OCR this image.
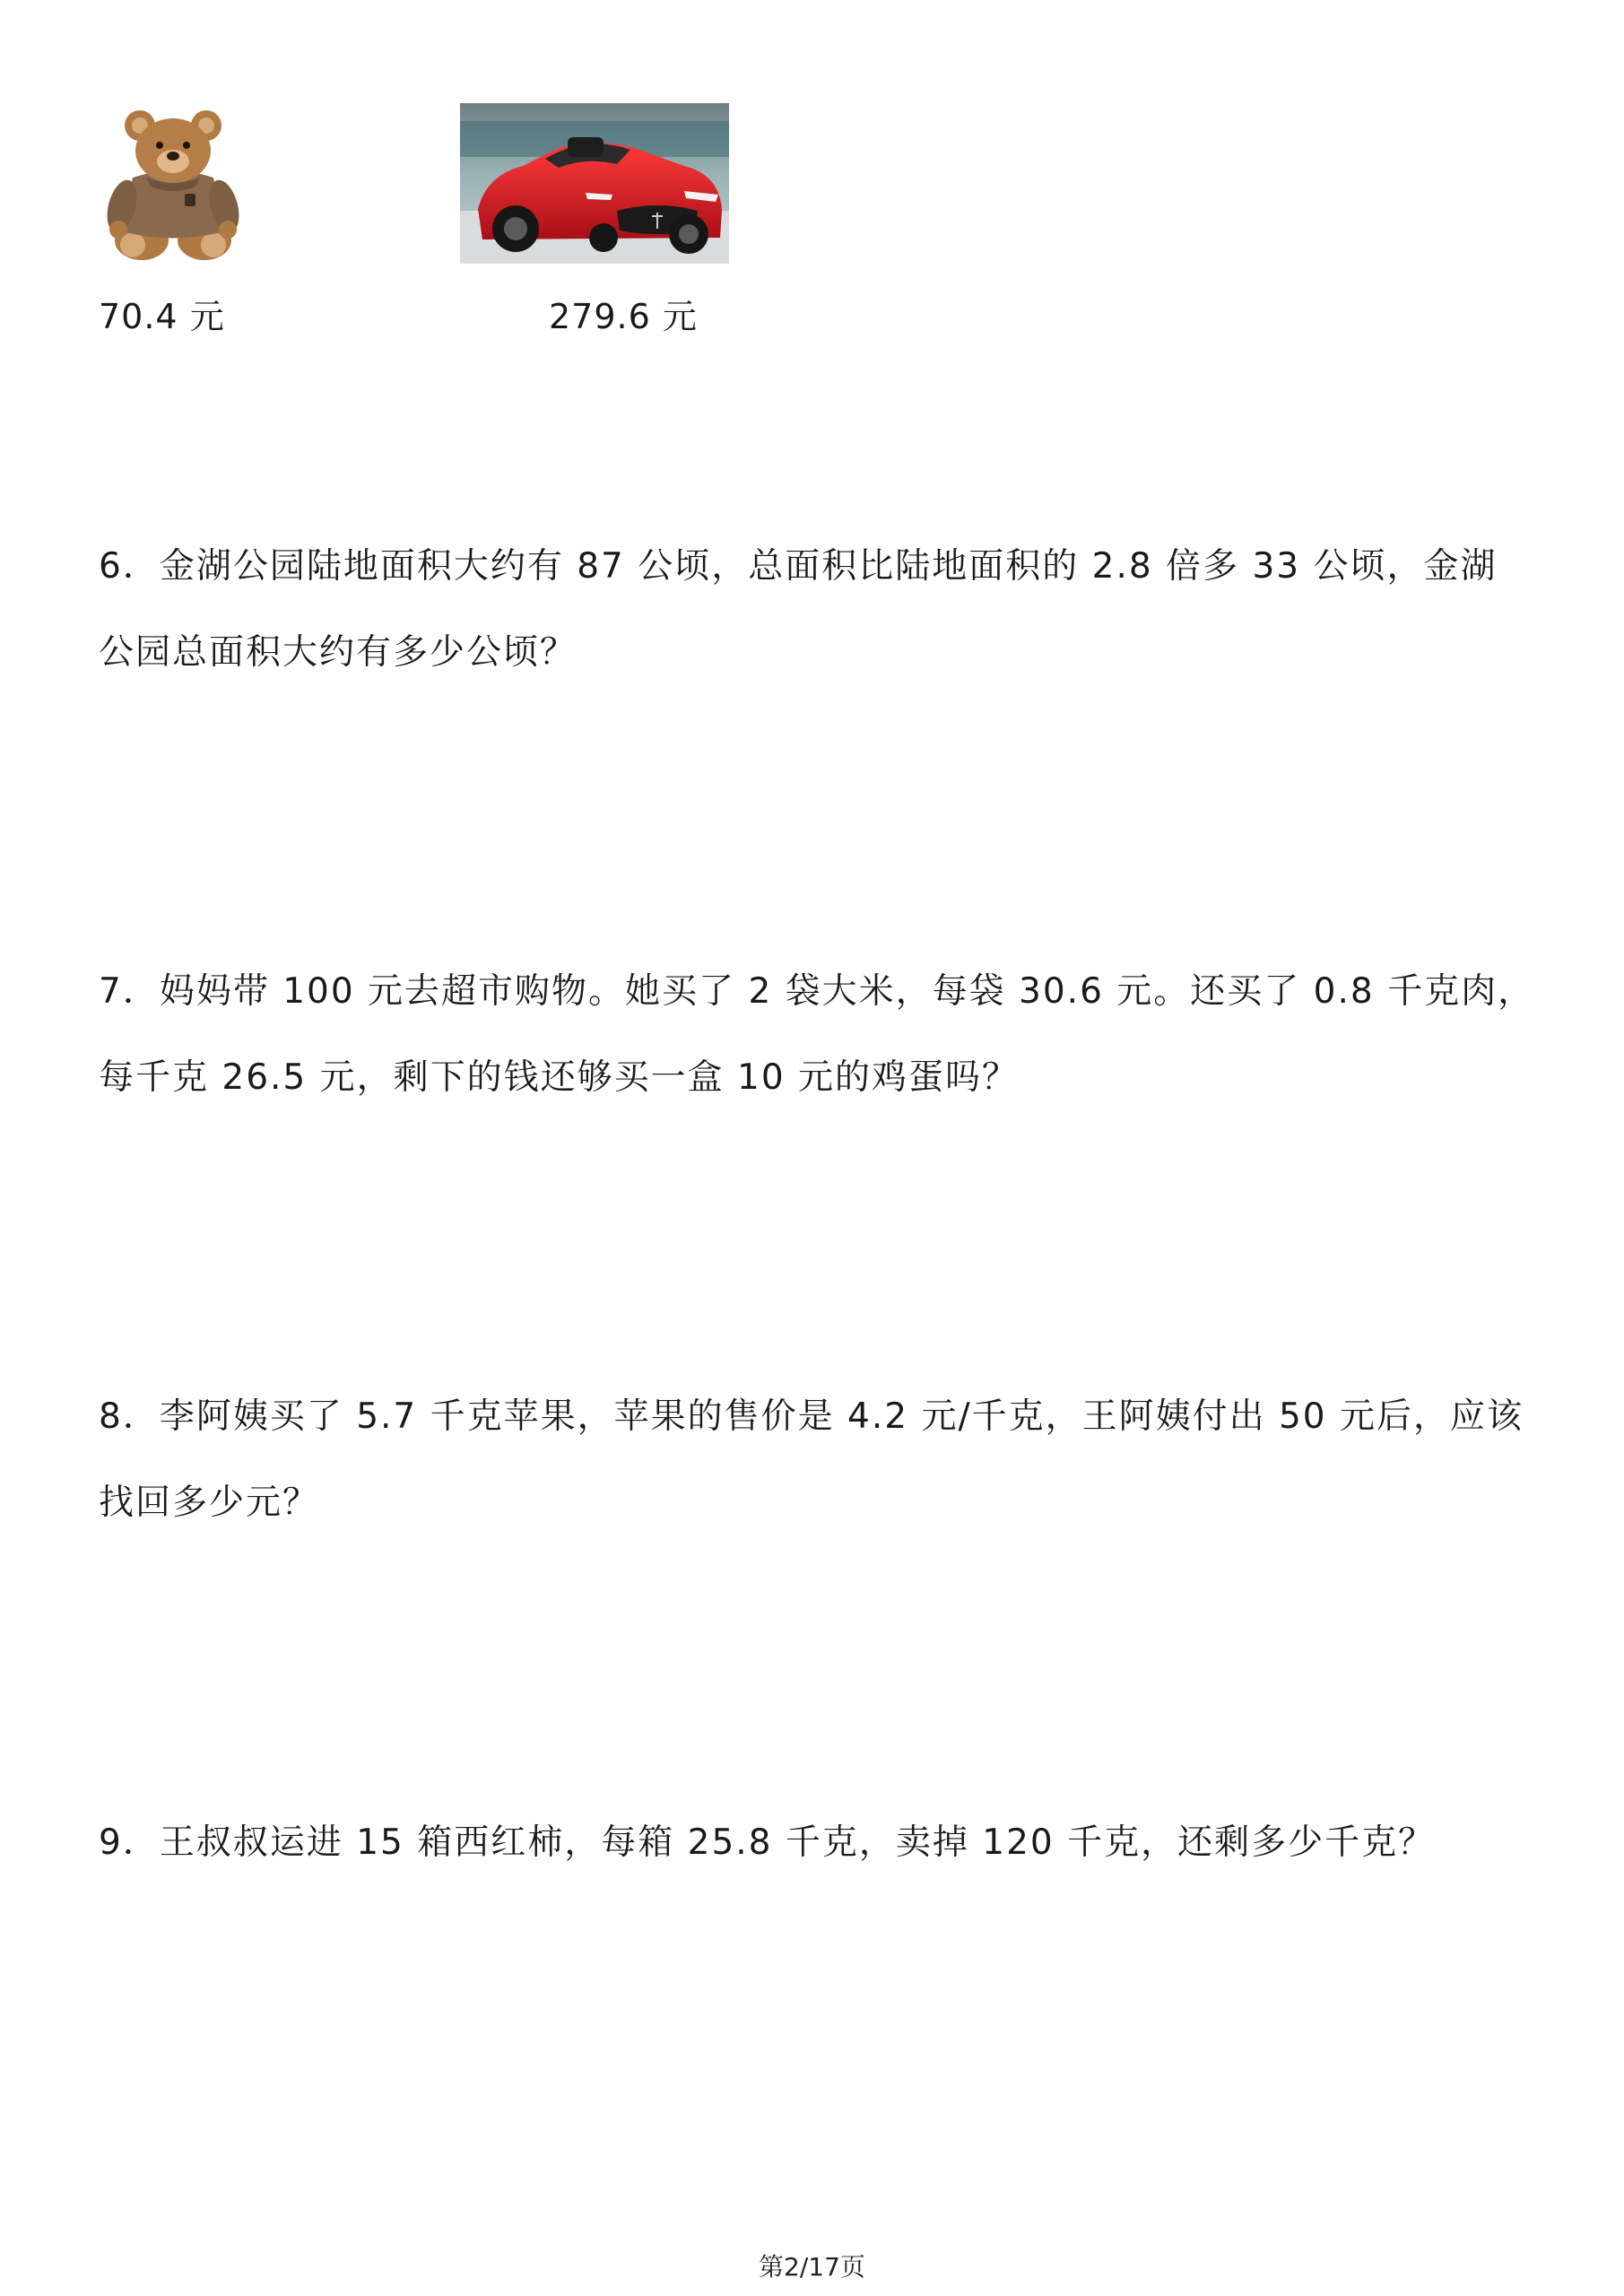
70.4 元	279.6 元
6．金湖公园陆地面积大约有 87 公顷，总面积比陆地面积的 2.8 倍多 33 公顷，金湖
公园总面积大约有多少公顷？
7．妈妈带 100 元去超市购物。她买了 2 袋大米，每袋 30.6 元。还买了 0.8 千克肉，
每千克 26.5 元，剩下的钱还够买一盒 10 元的鸡蛋吗？
8．李阿姨买了 5.7 千克苹果，苹果的售价是 4.2 元/千克，王阿姨付出 50 元后，应该
找回多少元？
9．王叔叔运进 15 箱西红柿，每箱 25.8 千克，卖掉 120 千克，还剩多少千克？
第2/17页
